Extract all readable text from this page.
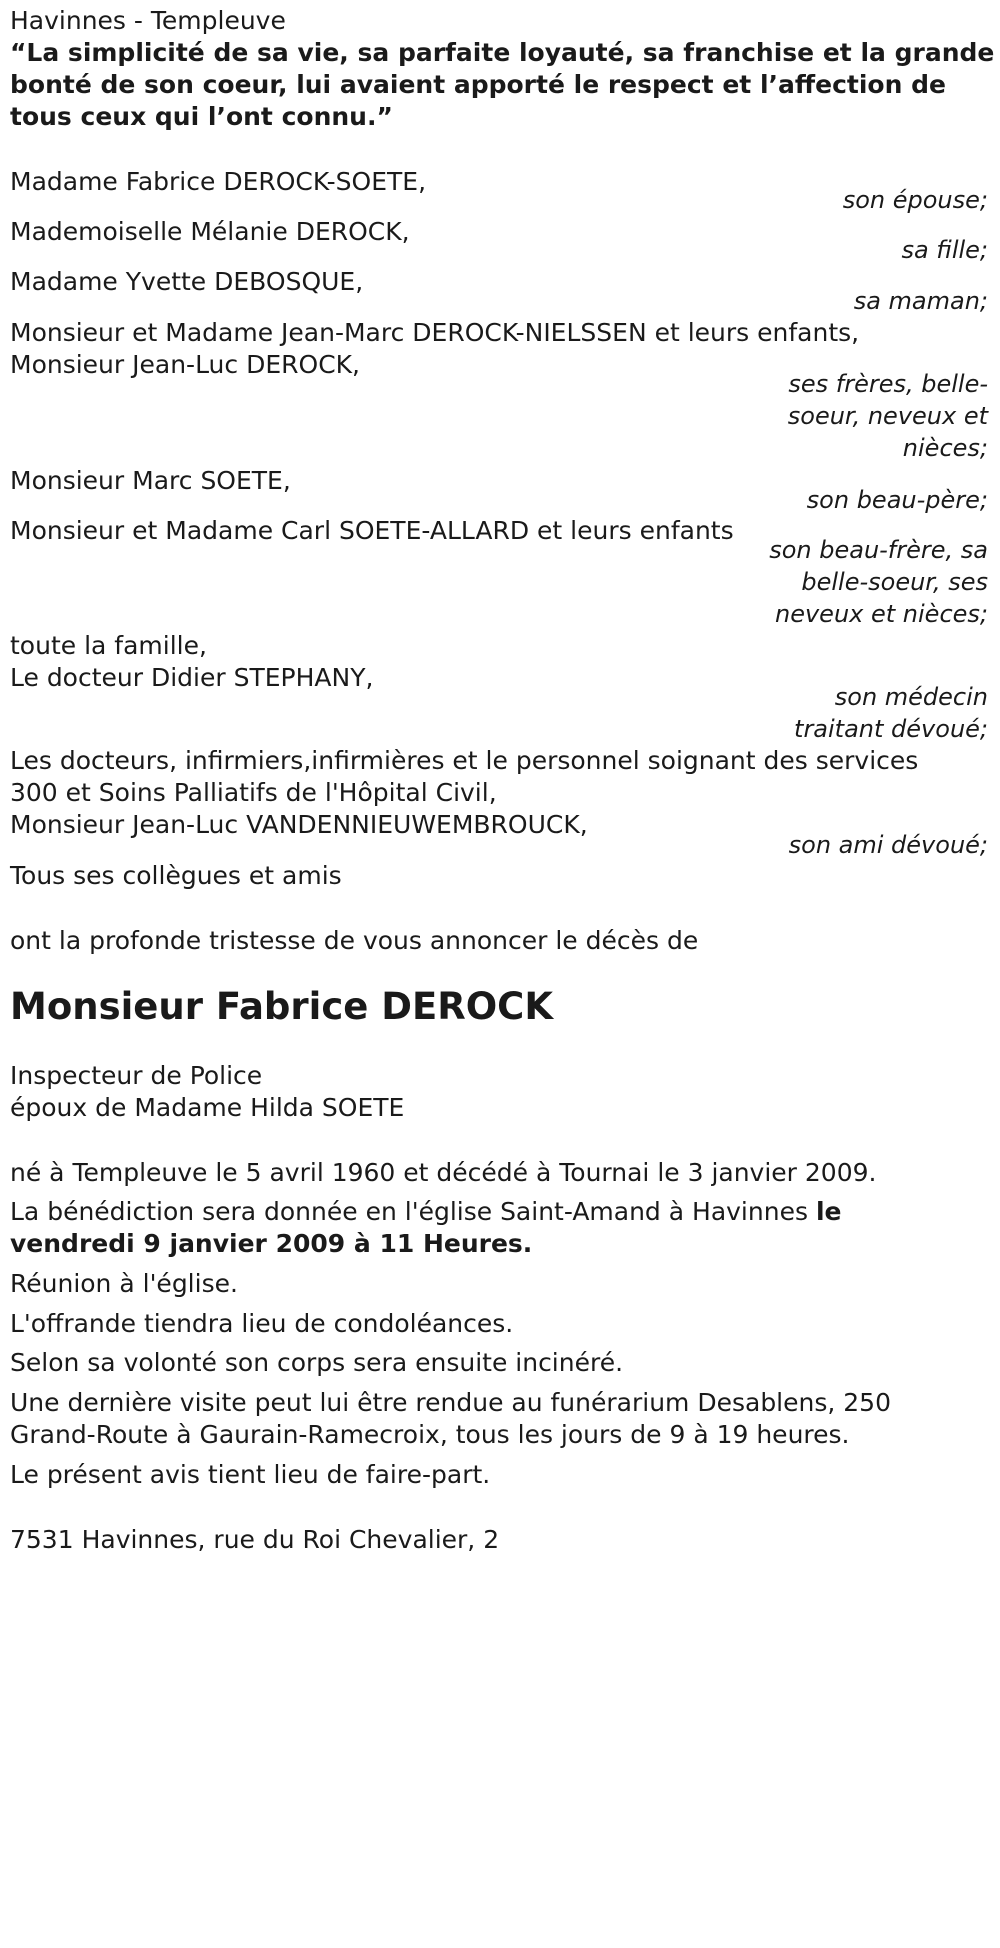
Havinnes - Templeuve

“La simplicité de sa vie, sa parfaite loyauté, sa franchise et la grande

bonté de son coeur, lui avaient apporté le respect et l’affection de

tous ceux qui l’ont connu.”

Madame Fabrice DEROCK-SOETE,

son épouse;

Mademoiselle Mélanie DEROCK,

sa fille;

Madame Yvette DEBOSQUE,

sa maman;

Monsieur et Madame Jean-Marc DEROCK-NIELSSEN et leurs enfants,

Monsieur Jean-Luc DEROCK,

ses frères, belle-

soeur, neveux et

nièces;

Monsieur Marc SOETE,

son beau-père;

Monsieur et Madame Carl SOETE-ALLARD et leurs enfants

son beau-frère, sa

belle-soeur, ses

neveux et nièces;

toute la famille,

Le docteur Didier STEPHANY,

son médecin

traitant dévoué;

Les docteurs, infirmiers,infirmières et le personnel soignant des services

300 et Soins Palliatifs de l'Hôpital Civil,

Monsieur Jean-Luc VANDENNIEUWEMBROUCK,

son ami dévoué;

Tous ses collègues et amis

ont la profonde tristesse de vous annoncer le décès de

Monsieur Fabrice DEROCK

Inspecteur de Police

époux de Madame Hilda SOETE

né à Templeuve le 5 avril 1960 et décédé à Tournai le 3 janvier 2009.

La bénédiction sera donnée en l'église Saint-Amand à Havinnes le

vendredi 9 janvier 2009 à 11 Heures.

Réunion à l'église.

L'offrande tiendra lieu de condoléances.

Selon sa volonté son corps sera ensuite inciné​ré.

Une dernière visite peut lui être rendue au funérarium Desablens, 250

Grand-Route à Gaurain-Ramecroix, tous les jours de 9 à 19 heures.

Le présent avis tient lieu de faire-part.

7531 Havinnes, rue du Roi Chevalier, 2
